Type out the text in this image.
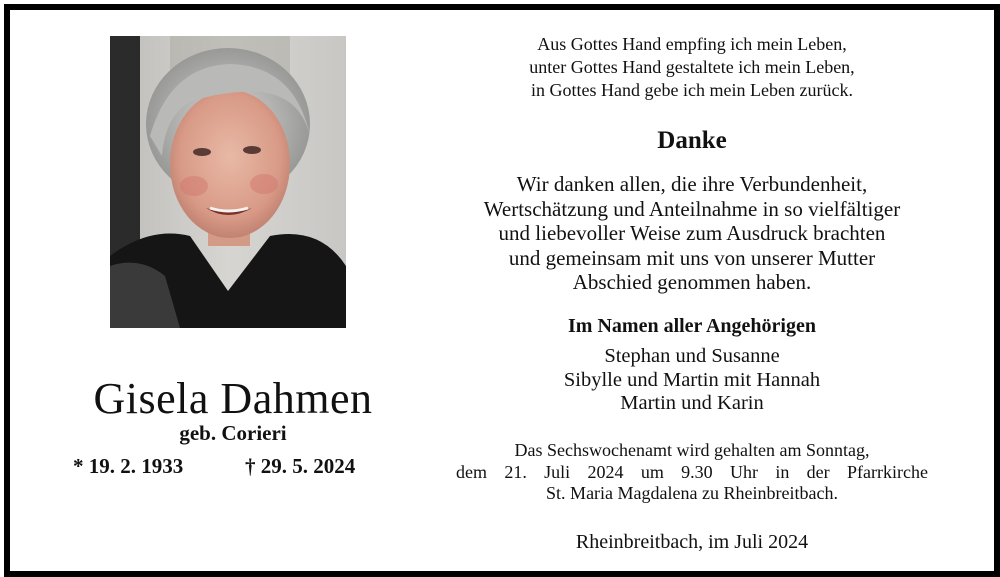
Gisela Dahmen
geb. Corieri
* 19. 2. 1933	† 29. 5. 2024
Aus Gottes Hand empfing ich mein Leben,
unter Gottes Hand gestaltete ich mein Leben,
in Gottes Hand gebe ich mein Leben zurück.
Danke
Wir danken allen, die ihre Verbundenheit,
Wertschätzung und Anteilnahme in so vielfältiger
und liebevoller Weise zum Ausdruck brachten
und gemeinsam mit uns von unserer Mutter
Abschied genommen haben.
Im Namen aller Angehörigen
Stephan und Susanne
Sibylle und Martin mit Hannah
Martin und Karin
Das Sechswochenamt wird gehalten am Sonntag,
dem 21. Juli 2024 um 9.30 Uhr in der Pfarrkirche
St. Maria Magdalena zu Rheinbreitbach.
Rheinbreitbach, im Juli 2024
